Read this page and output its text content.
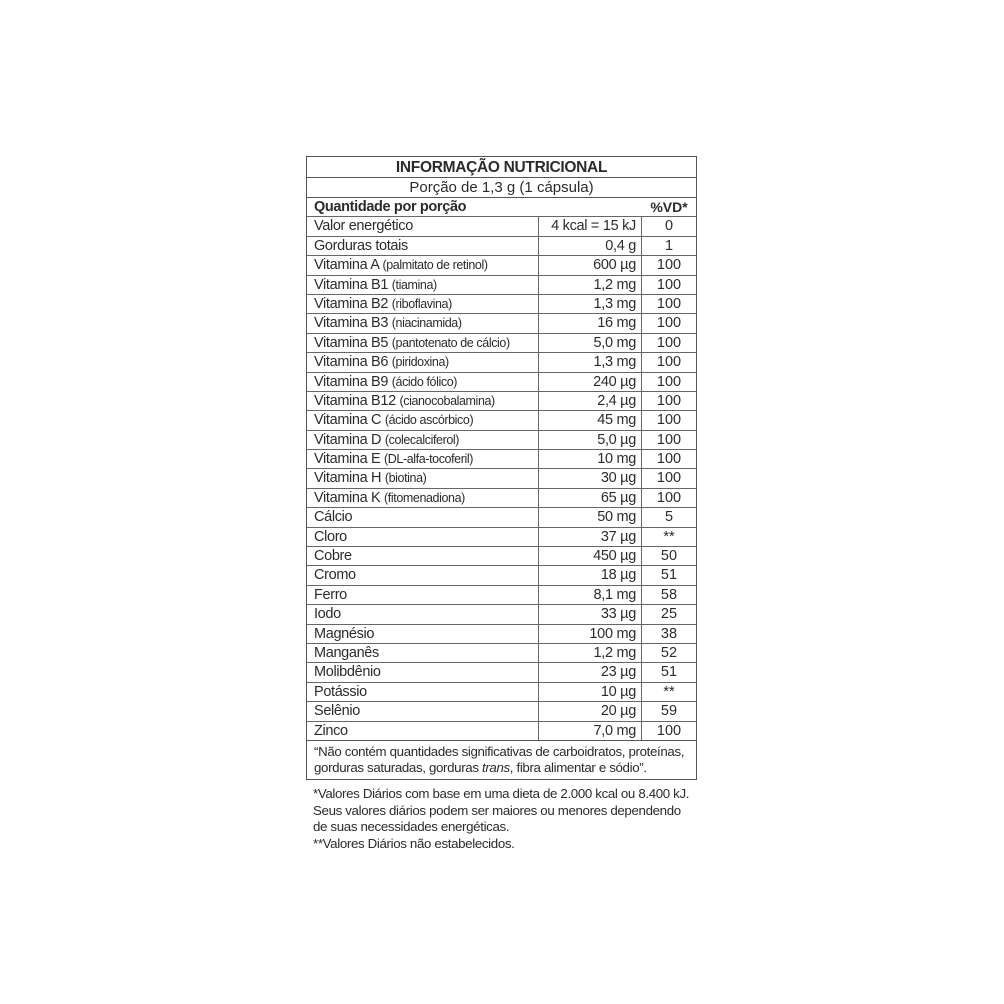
INFORMAÇÃO NUTRICIONAL
Porção de 1,3 g (1 cápsula)
Quantidade por porção	%VD*
Valor energético	4 kcal = 15 kJ	0
Gorduras totais	0,4 g	1
Vitamina A (palmitato de retinol)	600 µg	100
Vitamina B1 (tiamina)	1,2 mg	100
Vitamina B2 (riboflavina)	1,3 mg	100
Vitamina B3 (niacinamida)	16 mg	100
Vitamina B5 (pantotenato de cálcio)	5,0 mg	100
Vitamina B6 (piridoxina)	1,3 mg	100
Vitamina B9 (ácido fólico)	240 µg	100
Vitamina B12 (cianocobalamina)	2,4 µg	100
Vitamina C (ácido ascórbico)	45 mg	100
Vitamina D (colecalciferol)	5,0 µg	100
Vitamina E (DL-alfa-tocoferil)	10 mg	100
Vitamina H (biotina)	30 µg	100
Vitamina K (fitomenadiona)	65 µg	100
Cálcio	50 mg	5
Cloro	37 µg	**
Cobre	450 µg	50
Cromo	18 µg	51
Ferro	8,1 mg	58
Iodo	33 µg	25
Magnésio	100 mg	38
Manganês	1,2 mg	52
Molibdênio	23 µg	51
Potássio	10 µg	**
Selênio	20 µg	59
Zinco	7,0 mg	100
“Não contém quantidades significativas de carboidratos, proteínas,
gorduras saturadas, gorduras trans, fibra alimentar e sódio”.
*Valores Diários com base em uma dieta de 2.000 kcal ou 8.400 kJ.
Seus valores diários podem ser maiores ou menores dependendo
de suas necessidades energéticas.
**Valores Diários não estabelecidos.
